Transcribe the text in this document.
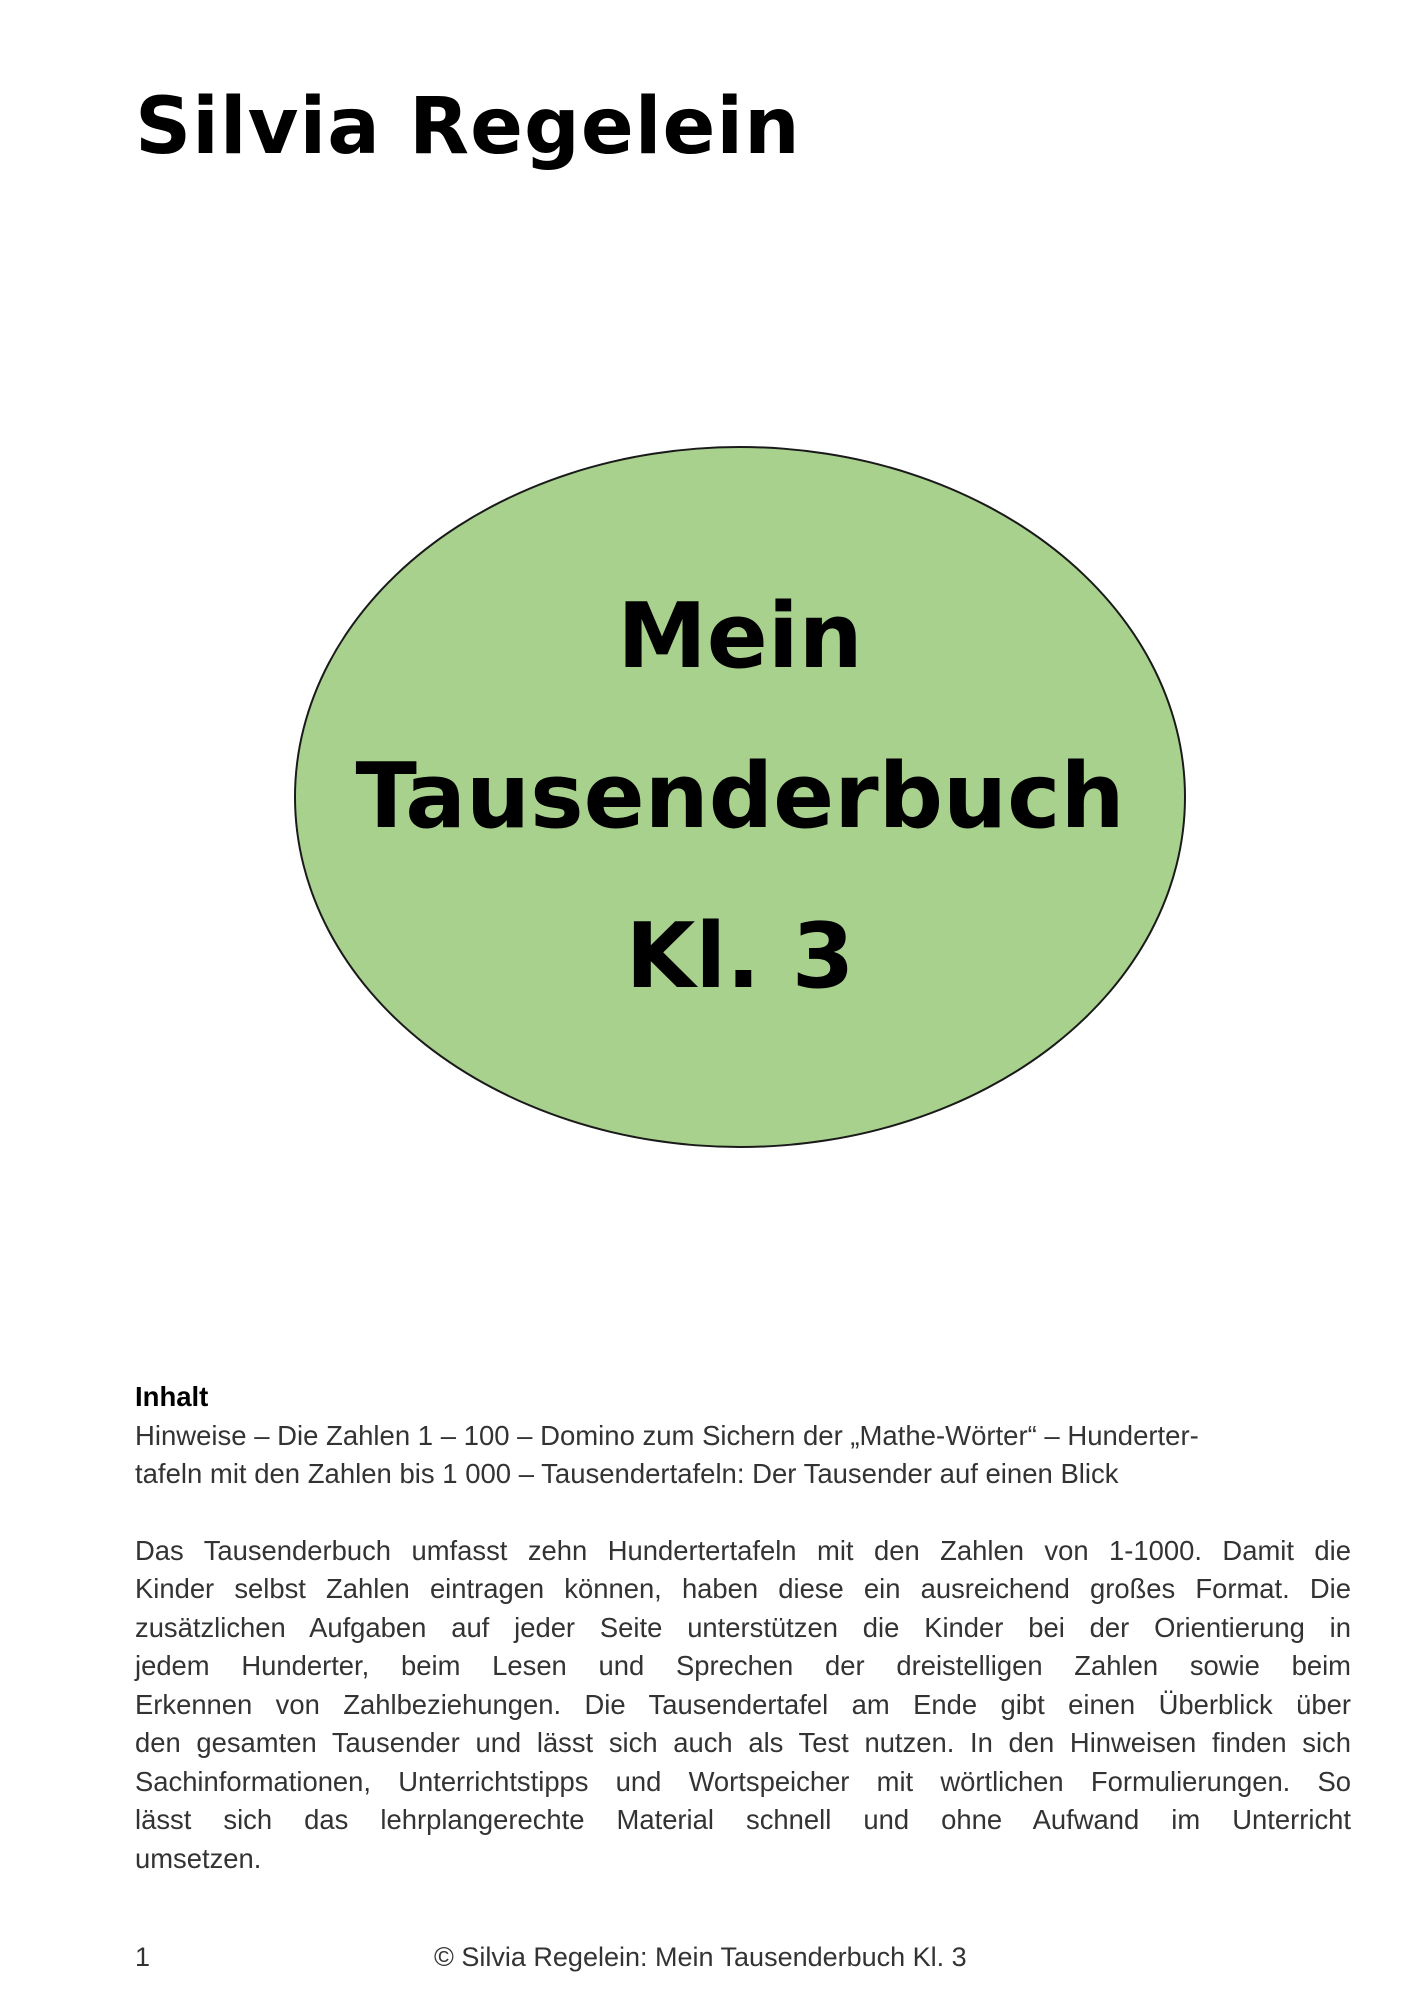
Silvia Regelein

Mein

Tausenderbuch

Kl. 3

Inhalt

Hinweise – Die Zahlen 1 – 100 – Domino zum Sichern der „Mathe-Wörter“ – Hunderter-
tafeln mit den Zahlen bis 1 000 – Tausendertafeln: Der Tausender auf einen Blick

Das Tausenderbuch umfasst zehn Hundertertafeln mit den Zahlen von 1-1000. Damit die
Kinder selbst Zahlen eintragen können, haben diese ein ausreichend großes Format. Die
zusätzlichen Aufgaben auf jeder Seite unterstützen die Kinder bei der Orientierung in
jedem Hunderter, beim Lesen und Sprechen der dreistelligen Zahlen sowie beim
Erkennen von Zahlbeziehungen. Die Tausendertafel am Ende gibt einen Überblick über
den gesamten Tausender und lässt sich auch als Test nutzen. In den Hinweisen finden sich
Sachinformationen, Unterrichtstipps und Wortspeicher mit wörtlichen Formulierungen. So
lässt sich das lehrplangerechte Material schnell und ohne Aufwand im Unterricht
umsetzen.

1	© Silvia Regelein: Mein Tausenderbuch Kl. 3
